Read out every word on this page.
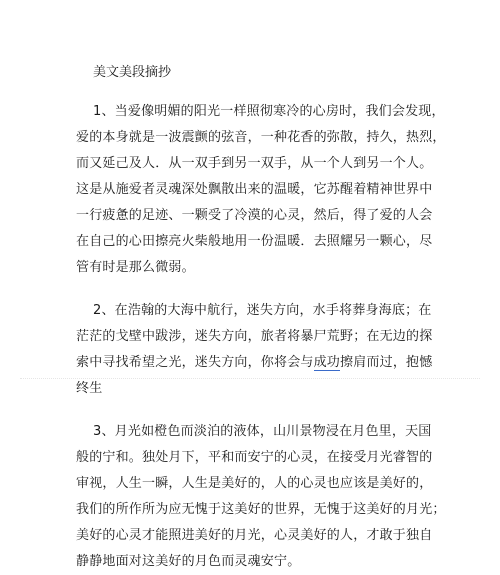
美文美段摘抄
1、当爱像明媚的阳光一样照彻寒冷的心房时，我们会发现，
爱的本身就是一波震颤的弦音，一种花香的弥散，持久，热烈，
而又延己及人．从一双手到另一双手，从一个人到另一个人。
这是从施爱者灵魂深处飘散出来的温暖，它苏醒着精神世界中
一行疲惫的足迹、一颗受了冷漠的心灵，然后，得了爱的人会
在自己的心田擦亮火柴般地用一份温暖．去照耀另一颗心，尽
管有时是那么微弱。
2、在浩翰的大海中航行，迷失方向，水手将葬身海底；在
茫茫的戈壁中跋涉，迷失方向，旅者将暴尸荒野；在无边的探
索中寻找希望之光，迷失方向，你将会与成功擦肩而过，抱憾
终生
3、月光如橙色而淡泊的液体，山川景物浸在月色里，天国
般的宁和。独处月下，平和而安宁的心灵，在接受月光睿智的
审视，人生一瞬，人生是美好的，人的心灵也应该是美好的，
我们的所作所为应无愧于这美好的世界，无愧于这美好的月光；
美好的心灵才能照进美好的月光，心灵美好的人，才敢于独自
静静地面对这美好的月色而灵魂安宁。
